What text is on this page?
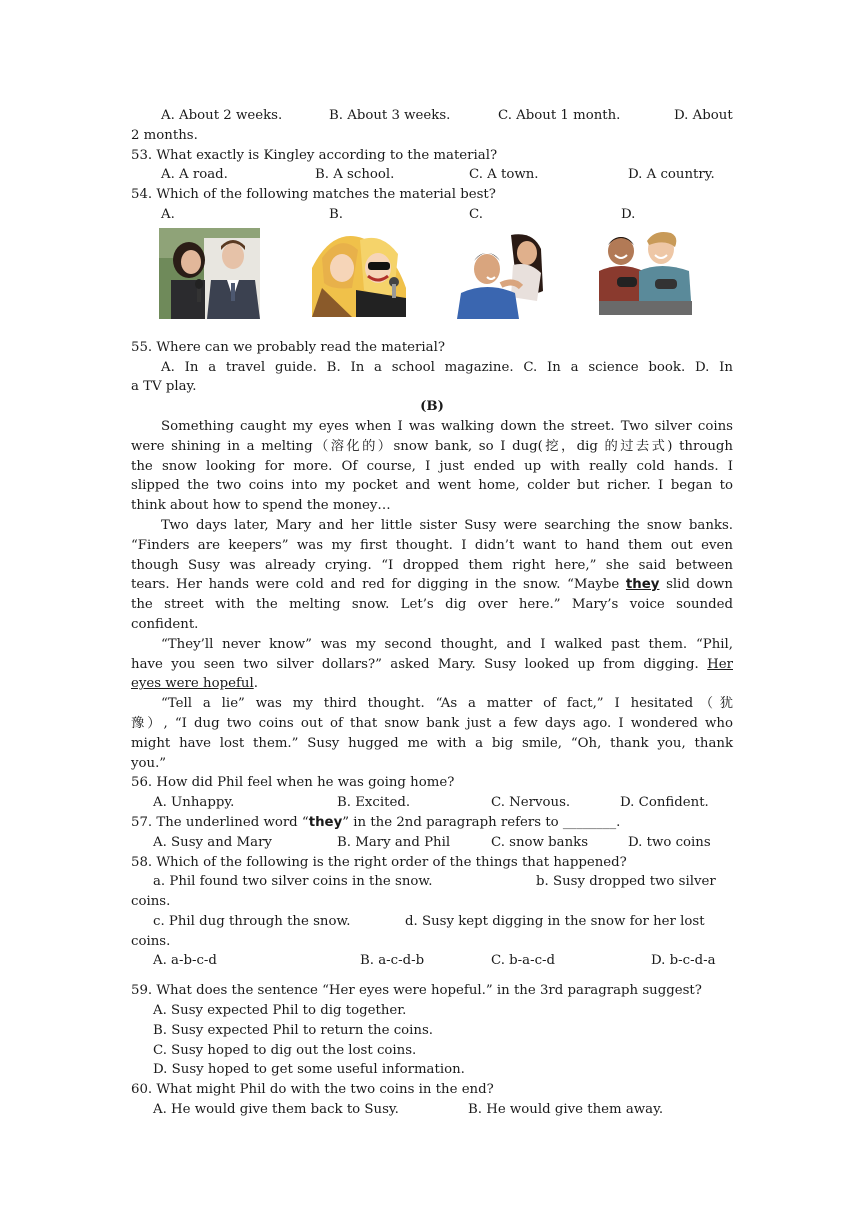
A. About 2 weeks.	B. About 3 weeks.	C. About 1 month.	D. About
2 months.
53. What exactly is Kingley according to the material?
A. A road.	B. A school.	C. A town.	D. A country.
54. Which of the following matches the material best?
A.	B.	C.	D.
55. Where can we probably read the material?
A. In a travel guide. B. In a school magazine. C. In a science book. D. In
a TV play.
(B)
Something caught my eyes when I was walking down the street. Two silver coins
were shining in a melting（溶化的）snow bank, so I dug(挖，dig 的过去式) through
the snow looking for more. Of course, I just ended up with really cold hands. I
slipped the two coins into my pocket and went home, colder but richer. I began to
think about how to spend the money…
Two days later, Mary and her little sister Susy were searching the snow banks.
“Finders are keepers” was my first thought. I didn’t want to hand them out even
though Susy was already crying. “I dropped them right here,” she said between
tears. Her hands were cold and red for digging in the snow. “Maybe they slid down
the street with the melting snow. Let’s dig over here.” Mary’s voice sounded
confident.
“They’ll never know” was my second thought, and I walked past them. “Phil,
have you seen two silver dollars?” asked Mary. Susy looked up from digging. Her
eyes were hopeful.
“Tell a lie” was my third thought. “As a matter of fact,” I hesitated（犹
豫）, “I dug two coins out of that snow bank just a few days ago. I wondered who
might have lost them.” Susy hugged me with a big smile, “Oh, thank you, thank
you.”
56. How did Phil feel when he was going home?
A. Unhappy.	B. Excited.	C. Nervous.	D. Confident.
57. The underlined word “they” in the 2nd paragraph refers to ________.
A. Susy and Mary	B. Mary and Phil	C. snow banks	D. two coins
58. Which of the following is the right order of the things that happened?
a. Phil found two silver coins in the snow.	b. Susy dropped two silver
coins.
c. Phil dug through the snow.	d. Susy kept digging in the snow for her lost
coins.
A. a-b-c-d	B. a-c-d-b	C. b-a-c-d	D. b-c-d-a
59. What does the sentence “Her eyes were hopeful.” in the 3rd paragraph suggest?
A. Susy expected Phil to dig together.
B. Susy expected Phil to return the coins.
C. Susy hoped to dig out the lost coins.
D. Susy hoped to get some useful information.
60. What might Phil do with the two coins in the end?
A. He would give them back to Susy.	B. He would give them away.
